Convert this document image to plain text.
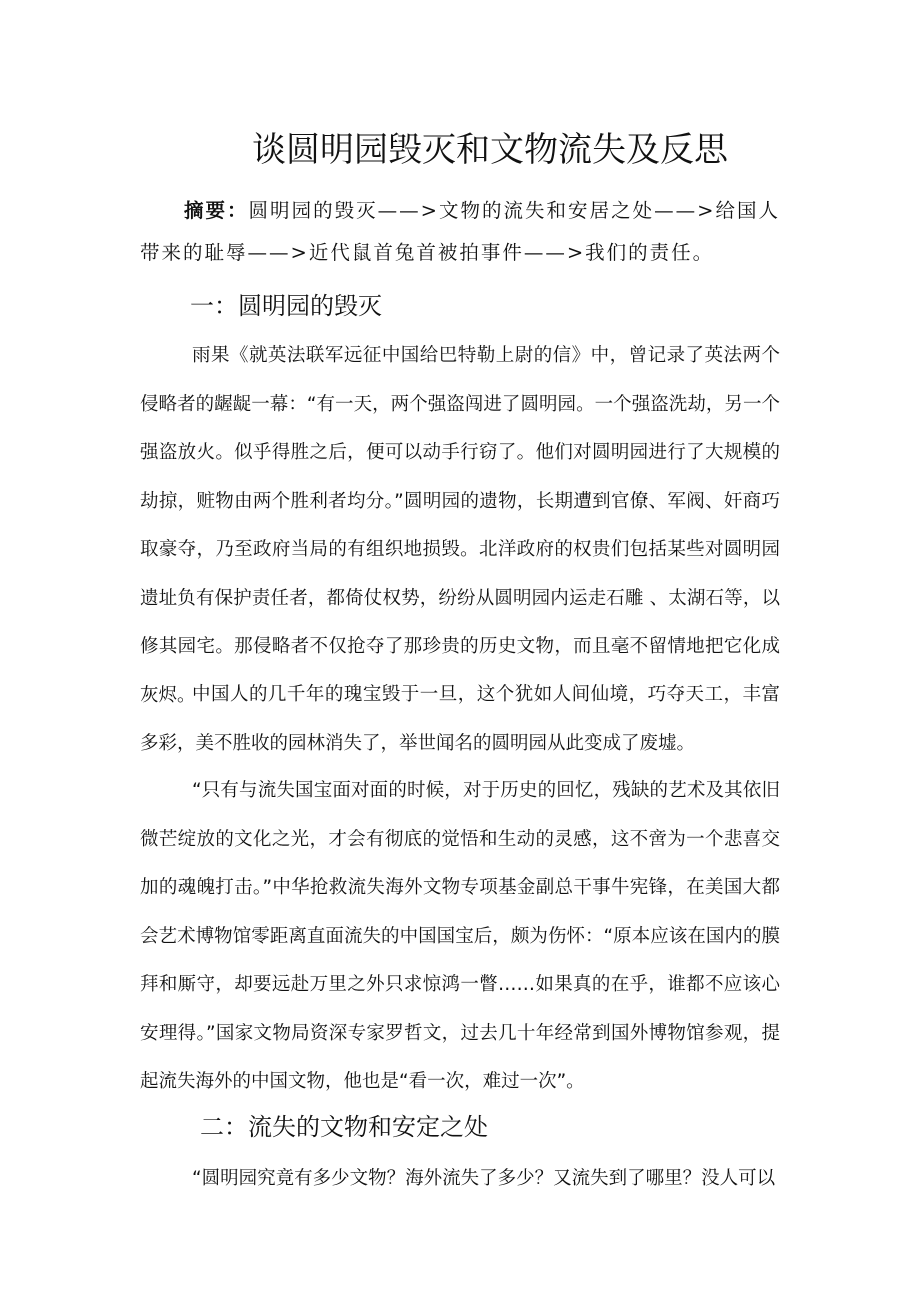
谈圆明园毁灭和文物流失及反思

摘要：圆明园的毁灭——>文物的流失和安居之处——>给国人带来的耻辱——>近代鼠首兔首被拍事件——>我们的责任。

一：圆明园的毁灭

雨果《就英法联军远征中国给巴特勒上尉的信》中，曾记录了英法两个侵略者的龌龊一幕：“有一天，两个强盗闯进了圆明园。一个强盗洗劫，另一个强盗放火。似乎得胜之后，便可以动手行窃了。他们对圆明园进行了大规模的劫掠，赃物由两个胜利者均分。”圆明园的遗物，长期遭到官僚、军阀、奸商巧取豪夺，乃至政府当局的有组织地损毁。北洋政府的权贵们包括某些对圆明园遗址负有保护责任者，都倚仗权势，纷纷从圆明园内运走石雕 、太湖石等，以修其园宅。那侵略者不仅抢夺了那珍贵的历史文物，而且毫不留情地把它化成灰烬。

中国人的几千年的瑰宝毁于一旦，这个犹如人间仙境，巧夺天工，丰富多彩，美不胜收的园林消失了，举世闻名的圆明园从此变成了废墟。

“只有与流失国宝面对面的时候，对于历史的回忆，残缺的艺术及其依旧微芒绽放的文化之光，才会有彻底的觉悟和生动的灵感，这不啻为一个悲喜交加的魂魄打击。”中华抢救流失海外文物专项基金副总干事牛宪锋，在美国大都会艺术博物馆零距离直面流失的中国国宝后，颇为伤怀：“原本应该在国内的膜拜和厮守，却要远赴万里之外只求惊鸿一瞥……如果真的在乎，谁都不应该心安理得。”国家文物局资深专家罗哲文，过去几十年经常到国外博物馆参观，提起流失海外的中国文物，他也是“看一次，难过一次”。

二：流失的文物和安定之处

“圆明园究竟有多少文物？海外流失了多少？又流失到了哪里？没人可以
